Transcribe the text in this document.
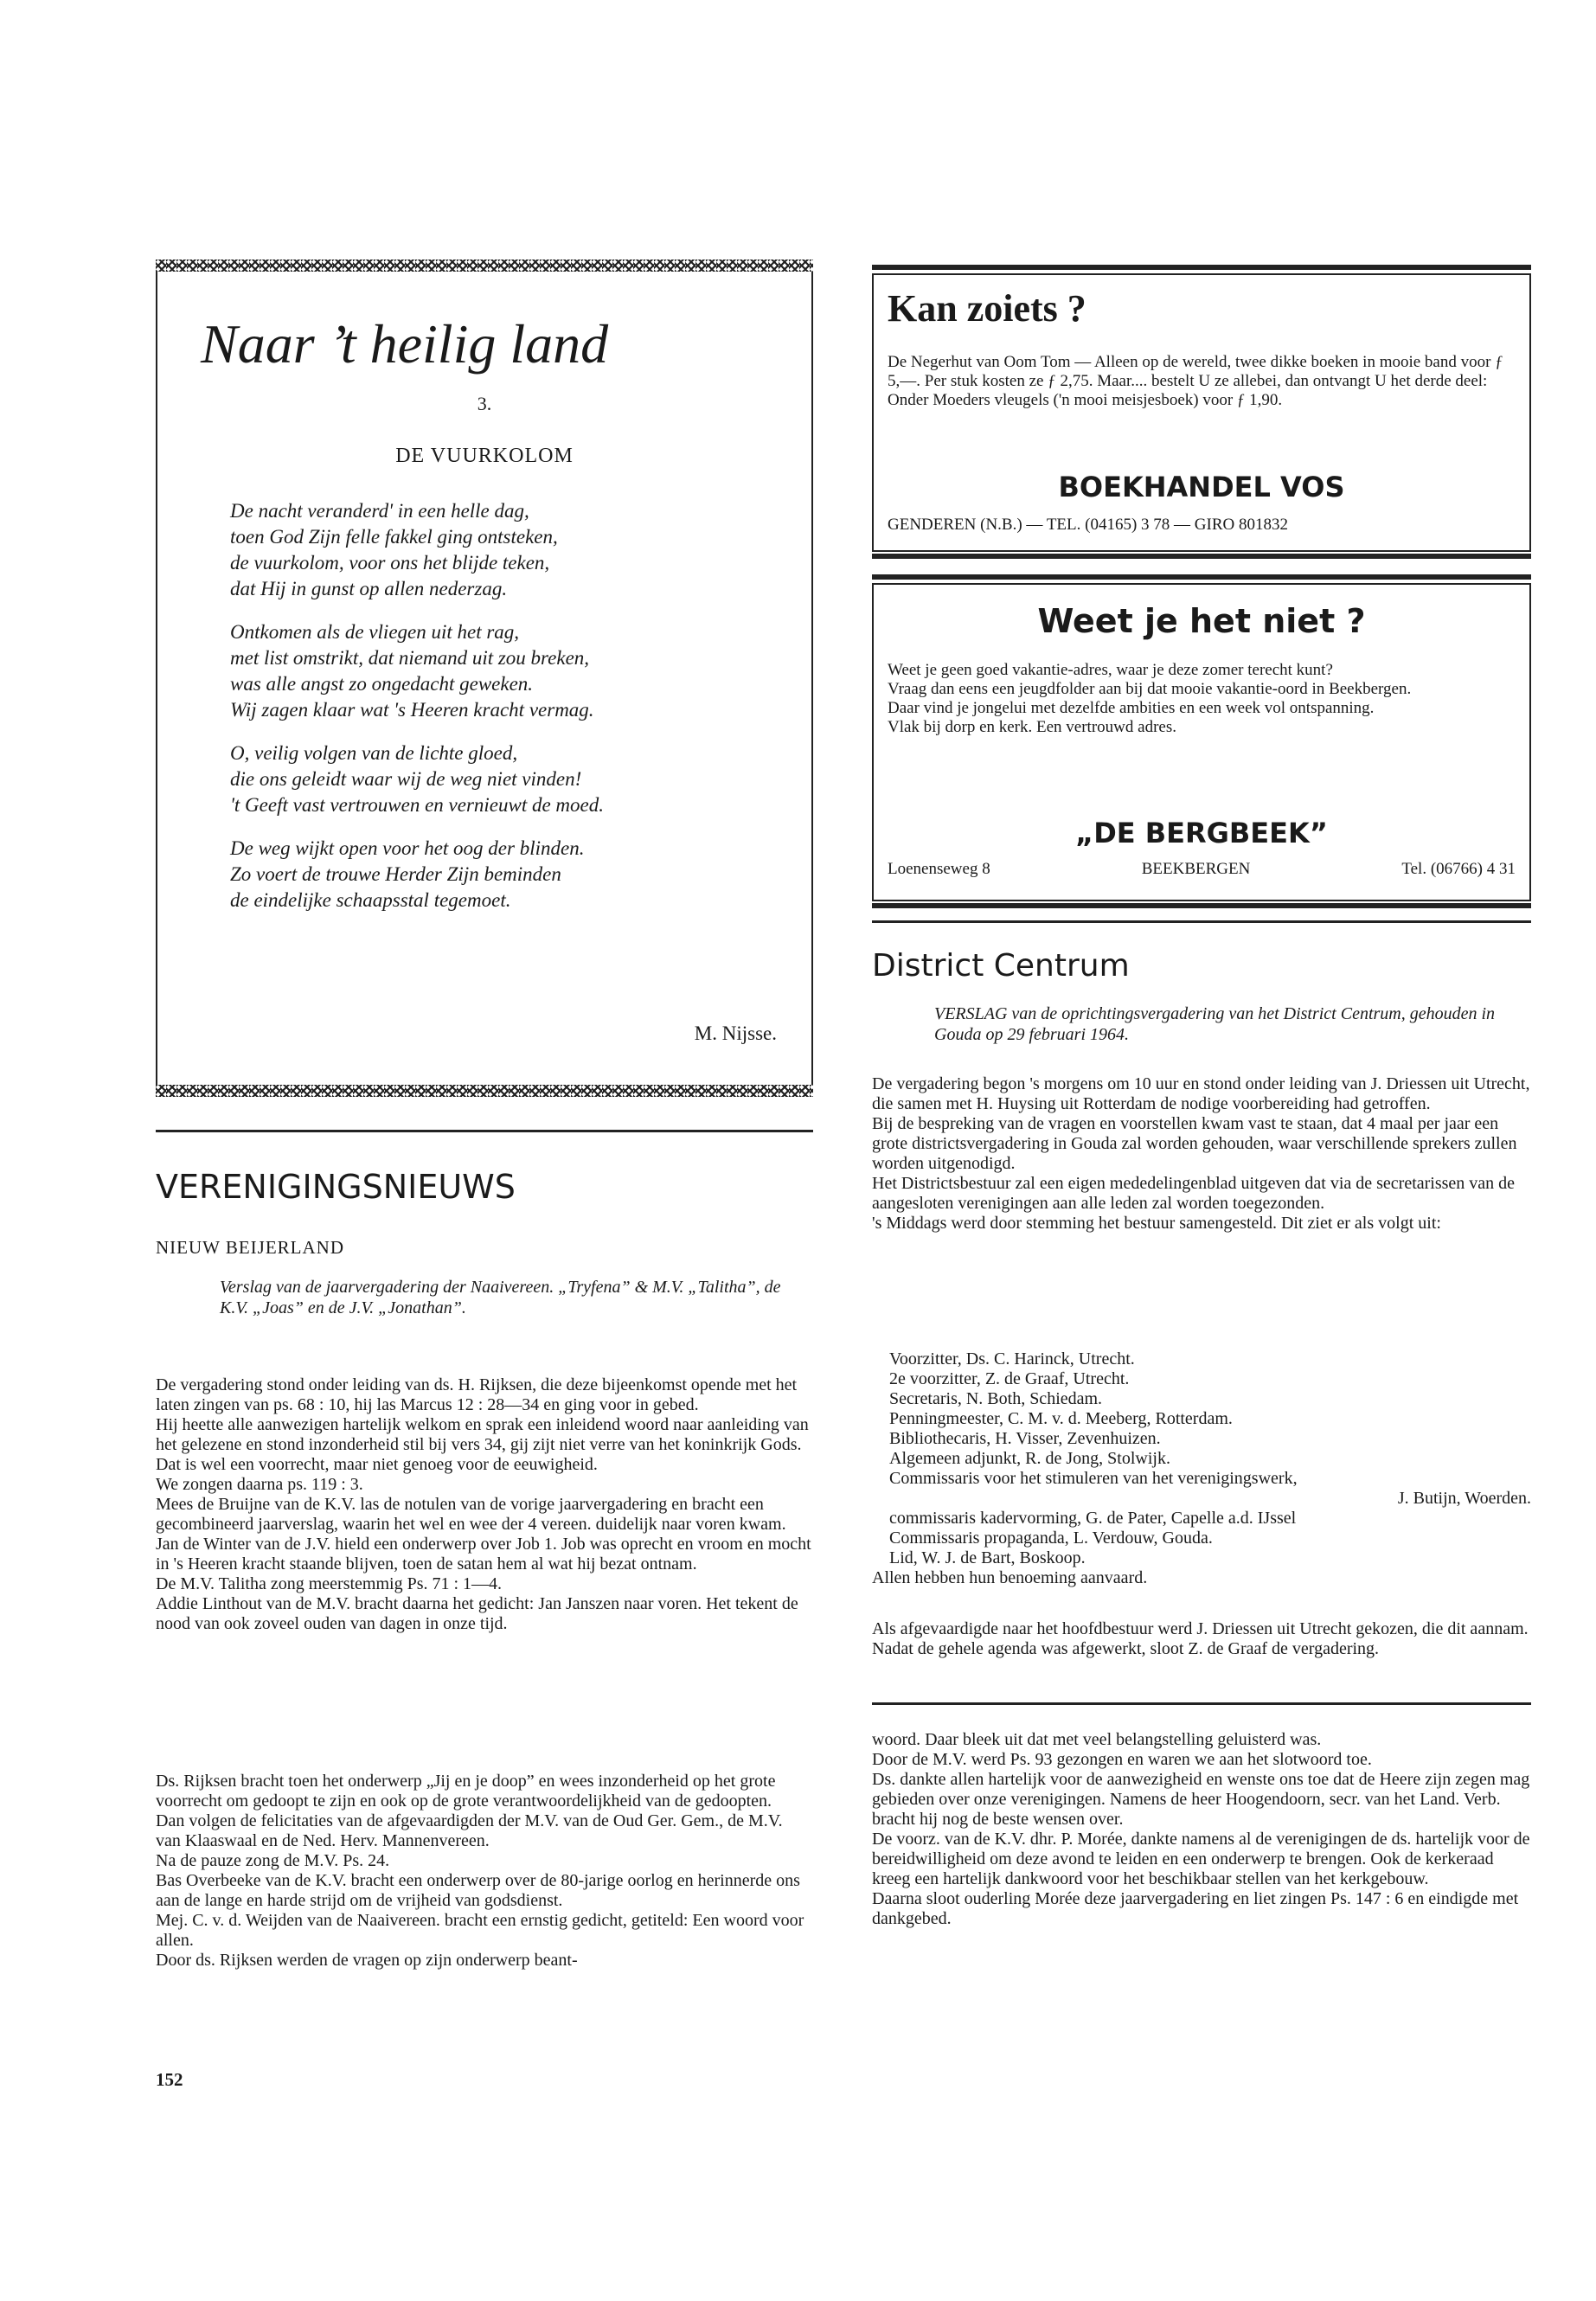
Naar ’t heilig land
3.
DE VUURKOLOM

De nacht veranderd' in een helle dag,

toen God Zijn felle fakkel ging ontsteken,

de vuurkolom, voor ons het blijde teken,

dat Hij in gunst op allen nederzag.

Ontkomen als de vliegen uit het rag,

met list omstrikt, dat niemand uit zou breken,

was alle angst zo ongedacht geweken.

Wij zagen klaar wat 's Heeren kracht vermag.

O, veilig volgen van de lichte gloed,

die ons geleidt waar wij de weg niet vinden!

't Geeft vast vertrouwen en vernieuwt de moed.

De weg wijkt open voor het oog der blinden.

Zo voert de trouwe Herder Zijn beminden

de eindelijke schaapsstal tegemoet.

M. Nijsse.
VERENIGINGSNIEUWS
NIEUW BEIJERLAND
Verslag van de jaarvergadering der Naaivereen. „Tryfena” & M.V. „Talitha”, de K.V. „Joas” en de J.V. „Jonathan”.

De vergadering stond onder leiding van ds. H. Rijksen, die deze bijeenkomst opende met het laten zingen van ps. 68 : 10, hij las Marcus 12 : 28—34 en ging voor in gebed.

Hij heette alle aanwezigen hartelijk welkom en sprak een inleidend woord naar aanleiding van het gelezene en stond inzonderheid stil bij vers 34, gij zijt niet verre van het koninkrijk Gods. Dat is wel een voorrecht, maar niet genoeg voor de eeuwigheid.

We zongen daarna ps. 119 : 3.

Mees de Bruijne van de K.V. las de notulen van de vorige jaarvergadering en bracht een gecombineerd jaarverslag, waarin het wel en wee der 4 vereen. duidelijk naar voren kwam.

Jan de Winter van de J.V. hield een onderwerp over Job 1. Job was oprecht en vroom en mocht in 's Heeren kracht staande blijven, toen de satan hem al wat hij bezat ontnam.

De M.V. Talitha zong meerstemmig Ps. 71 : 1—4.

Addie Linthout van de M.V. bracht daarna het gedicht: Jan Janszen naar voren. Het tekent de nood van ook zoveel ouden van dagen in onze tijd.

Ds. Rijksen bracht toen het onderwerp „Jij en je doop” en wees inzonderheid op het grote voorrecht om gedoopt te zijn en ook op de grote verantwoordelijkheid van de gedoopten.

Dan volgen de felicitaties van de afgevaardigden der M.V. van de Oud Ger. Gem., de M.V. van Klaaswaal en de Ned. Herv. Mannenvereen.

Na de pauze zong de M.V. Ps. 24.

Bas Overbeeke van de K.V. bracht een onderwerp over de 80-jarige oorlog en herinnerde ons aan de lange en harde strijd om de vrijheid van godsdienst.

Mej. C. v. d. Weijden van de Naaivereen. bracht een ernstig gedicht, getiteld: Een woord voor allen.

Door ds. Rijksen werden de vragen op zijn onderwerp beant-

152
Kan zoiets ?
De Negerhut van Oom Tom — Alleen op de wereld, twee dikke boeken in mooie band voor ƒ 5,—. Per stuk kosten ze ƒ 2,75. Maar.... bestelt U ze allebei, dan ontvangt U het derde deel: Onder Moeders vleugels ('n mooi meisjesboek) voor ƒ 1,90.
BOEKHANDEL VOS
GENDEREN (N.B.) — TEL. (04165) 3 78 — GIRO 801832
Weet je het niet ?

Weet je geen goed vakantie-adres, waar je deze zomer terecht kunt?

Vraag dan eens een jeugdfolder aan bij dat mooie vakantie-oord in Beekbergen.

Daar vind je jongelui met dezelfde ambities en een week vol ontspanning.

Vlak bij dorp en kerk. Een vertrouwd adres.

„DE BERGBEEK”
Loenenseweg 8	BEEKBERGEN	Tel. (06766) 4 31
District Centrum
VERSLAG van de oprichtingsvergadering van het District Centrum, gehouden in Gouda op 29 februari 1964.

De vergadering begon 's morgens om 10 uur en stond onder leiding van J. Driessen uit Utrecht, die samen met H. Huysing uit Rotterdam de nodige voorbereiding had getroffen.

Bij de bespreking van de vragen en voorstellen kwam vast te staan, dat 4 maal per jaar een grote districtsvergadering in Gouda zal worden gehouden, waar verschillende sprekers zullen worden uitgenodigd.

Het Districtsbestuur zal een eigen mededelingenblad uitgeven dat via de secretarissen van de aangesloten verenigingen aan alle leden zal worden toegezonden.

's Middags werd door stemming het bestuur samengesteld. Dit ziet er als volgt uit:

Voorzitter, Ds. C. Harinck, Utrecht.

2e voorzitter, Z. de Graaf, Utrecht.

Secretaris, N. Both, Schiedam.

Penningmeester, C. M. v. d. Meeberg, Rotterdam.

Bibliothecaris, H. Visser, Zevenhuizen.

Algemeen adjunkt, R. de Jong, Stolwijk.

Commissaris voor het stimuleren van het verenigingswerk,

J. Butijn, Woerden.

commissaris kadervorming, G. de Pater, Capelle a.d. IJssel

Commissaris propaganda, L. Verdouw, Gouda.

Lid, W. J. de Bart, Boskoop.

Allen hebben hun benoeming aanvaard.

Als afgevaardigde naar het hoofdbestuur werd J. Driessen uit Utrecht gekozen, die dit aannam. Nadat de gehele agenda was afgewerkt, sloot Z. de Graaf de vergadering.

woord. Daar bleek uit dat met veel belangstelling geluisterd was.

Door de M.V. werd Ps. 93 gezongen en waren we aan het slotwoord toe.

Ds. dankte allen hartelijk voor de aanwezigheid en wenste ons toe dat de Heere zijn zegen mag gebieden over onze verenigingen. Namens de heer Hoogendoorn, secr. van het Land. Verb. bracht hij nog de beste wensen over.

De voorz. van de K.V. dhr. P. Morée, dankte namens al de verenigingen de ds. hartelijk voor de bereidwilligheid om deze avond te leiden en een onderwerp te brengen. Ook de kerkeraad kreeg een hartelijk dankwoord voor het beschikbaar stellen van het kerkgebouw.

Daarna sloot ouderling Morée deze jaarvergadering en liet zingen Ps. 147 : 6 en eindigde met dankgebed.
